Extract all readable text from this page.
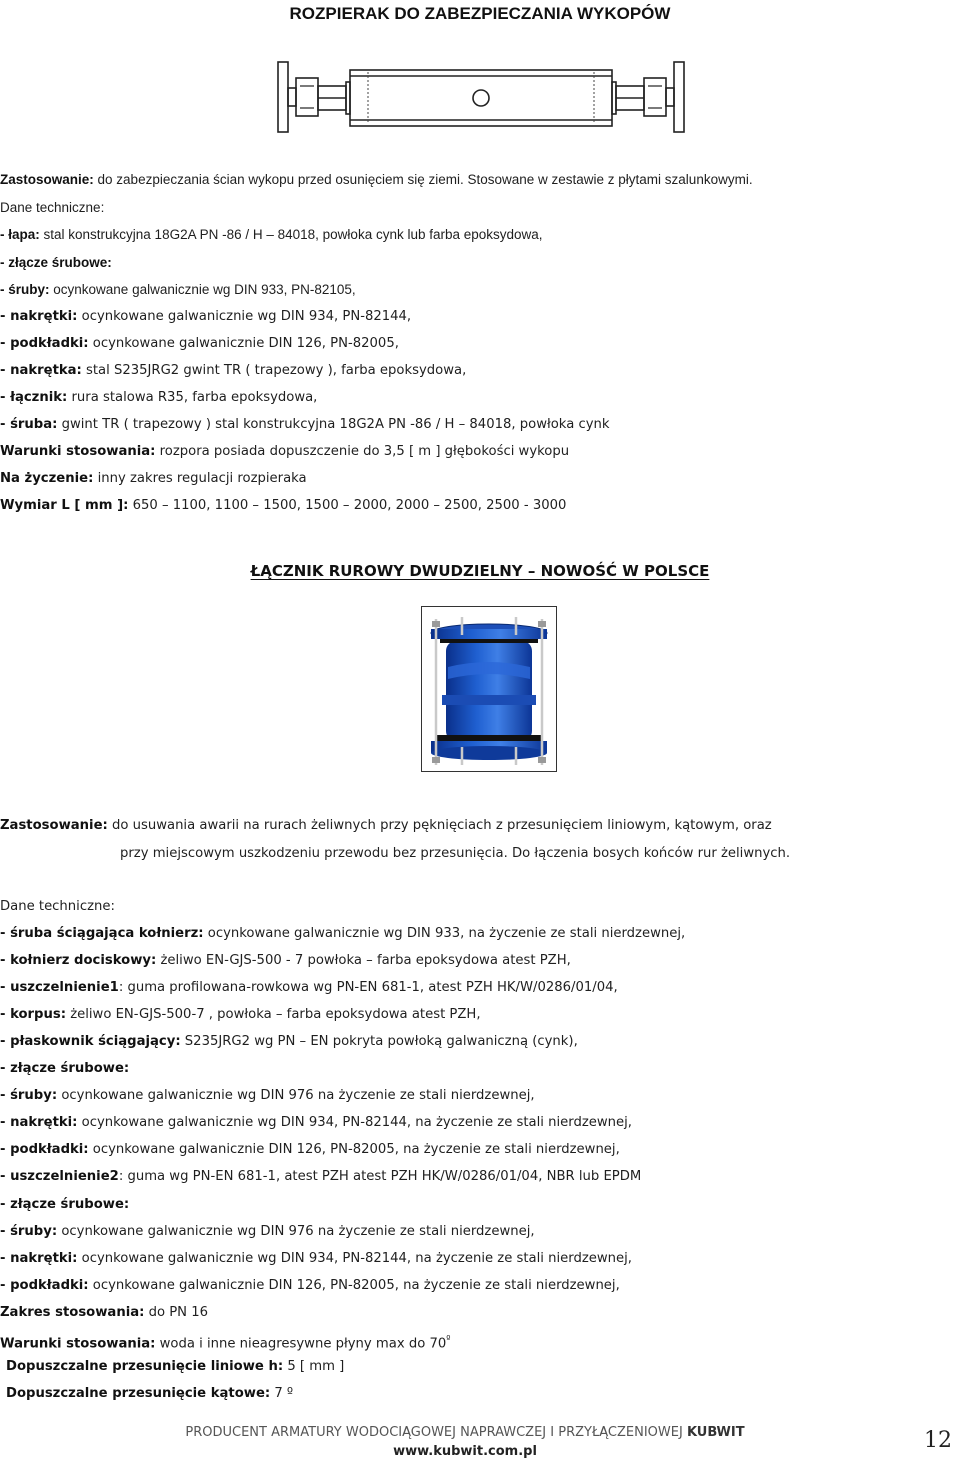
ROZPIERAK DO ZABEZPIECZANIA WYKOPÓW
Zastosowanie: do zabezpieczania ścian wykopu przed osunięciem się ziemi. Stosowane w zestawie z płytami szalunkowymi.
Dane techniczne:
- łapa: stal konstrukcyjna 18G2A PN -86 / H – 84018, powłoka cynk lub farba epoksydowa,
- złącze śrubowe:
- śruby: ocynkowane galwanicznie wg DIN 933, PN-82105,
- nakrętki: ocynkowane galwanicznie wg DIN 934, PN-82144,
- podkładki: ocynkowane galwanicznie DIN 126, PN-82005,
- nakrętka: stal S235JRG2 gwint TR ( trapezowy ), farba epoksydowa,
- łącznik: rura stalowa R35, farba epoksydowa,
- śruba: gwint TR ( trapezowy ) stal konstrukcyjna 18G2A PN -86 / H – 84018, powłoka cynk
Warunki stosowania: rozpora posiada dopuszczenie do 3,5 [ m ] głębokości wykopu
Na życzenie: inny zakres regulacji rozpieraka
Wymiar L [ mm ]: 650 – 1100, 1100 – 1500, 1500 – 2000, 2000 – 2500, 2500 - 3000
ŁĄCZNIK RUROWY DWUDZIELNY – NOWOŚĆ W POLSCE
Zastosowanie: do usuwania awarii na rurach żeliwnych przy pęknięciach z przesunięciem liniowym, kątowym, oraz
przy miejscowym uszkodzeniu przewodu bez przesunięcia. Do łączenia bosych końców rur żeliwnych.
Dane techniczne:
- śruba ściągająca kołnierz: ocynkowane galwanicznie wg DIN 933, na życzenie ze stali nierdzewnej,
- kołnierz dociskowy: żeliwo EN-GJS-500 - 7 powłoka – farba epoksydowa atest PZH,
- uszczelnienie1: guma profilowana-rowkowa wg PN-EN 681-1, atest PZH HK/W/0286/01/04,
- korpus: żeliwo EN-GJS-500-7 , powłoka – farba epoksydowa atest PZH,
- płaskownik ściągający: S235JRG2 wg PN – EN pokryta powłoką galwaniczną (cynk),
- złącze śrubowe:
- śruby: ocynkowane galwanicznie wg DIN 976 na życzenie ze stali nierdzewnej,
- nakrętki: ocynkowane galwanicznie wg DIN 934, PN-82144, na życzenie ze stali nierdzewnej,
- podkładki: ocynkowane galwanicznie DIN 126, PN-82005, na życzenie ze stali nierdzewnej,
- uszczelnienie2: guma wg PN-EN 681-1, atest PZH atest PZH HK/W/0286/01/04, NBR lub EPDM
- złącze śrubowe:
- śruby: ocynkowane galwanicznie wg DIN 976 na życzenie ze stali nierdzewnej,
- nakrętki: ocynkowane galwanicznie wg DIN 934, PN-82144, na życzenie ze stali nierdzewnej,
- podkładki: ocynkowane galwanicznie DIN 126, PN-82005, na życzenie ze stali nierdzewnej,
Zakres stosowania: do PN 16
Warunki stosowania: woda i inne nieagresywne płyny max do $70^º$
Dopuszczalne przesunięcie liniowe h: 5 [ mm ]
Dopuszczalne przesunięcie kątowe: 7 º
PRODUCENT ARMATURY WODOCIĄGOWEJ NAPRAWCZEJ I PRZYŁĄCZENIOWEJ KUBWIT
www.kubwit.com.pl	12
